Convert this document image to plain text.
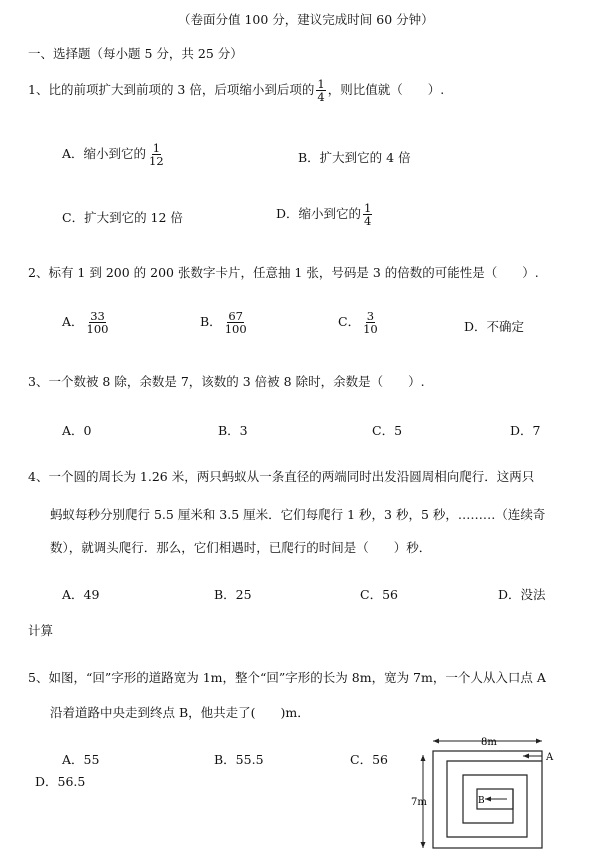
（卷面分值 100 分，建议完成时间 60 分钟）
一、选择题（每小题 5 分，共 25 分）
1、比的前项扩大到前项的 3 倍，后项缩小到后项的 $\frac{1}{4}$ ，则比值就（　　）.
A．缩小到它的 $\frac{1}{12}$	B．扩大到它的 4 倍
C．扩大到它的 12 倍	D．缩小到它的 $\frac{1}{4}$
2、标有 1 到 200 的 200 张数字卡片，任意抽 1 张，号码是 3 的倍数的可能性是（　　）.
A． $\frac{33}{100}$	B． $\frac{67}{100}$	C． $\frac{3}{10}$	D．不确定
3、一个数被 8 除，余数是 7，该数的 3 倍被 8 除时，余数是（　　）.
A．0	B．3	C．5	D．7
4、一个圆的周长为 1.26 米，两只蚂蚁从一条直径的两端同时出发沿圆周相向爬行．这两只
蚂蚁每秒分别爬行 5.5 厘米和 3.5 厘米．它们每爬行 1 秒，3 秒，5 秒，………（连续奇
数），就调头爬行．那么，它们相遇时，已爬行的时间是（　　）秒．
A．49	B．25	C．56	D．没法
计算
5、如图，“回”字形的道路宽为 1m，整个“回”字形的长为 8m，宽为 7m，一个人从入口点 A
沿着道路中央走到终点 B，他共走了(　　)m．
A．55	B．55.5	C．56
D．56.5
8m
7m
A
B
